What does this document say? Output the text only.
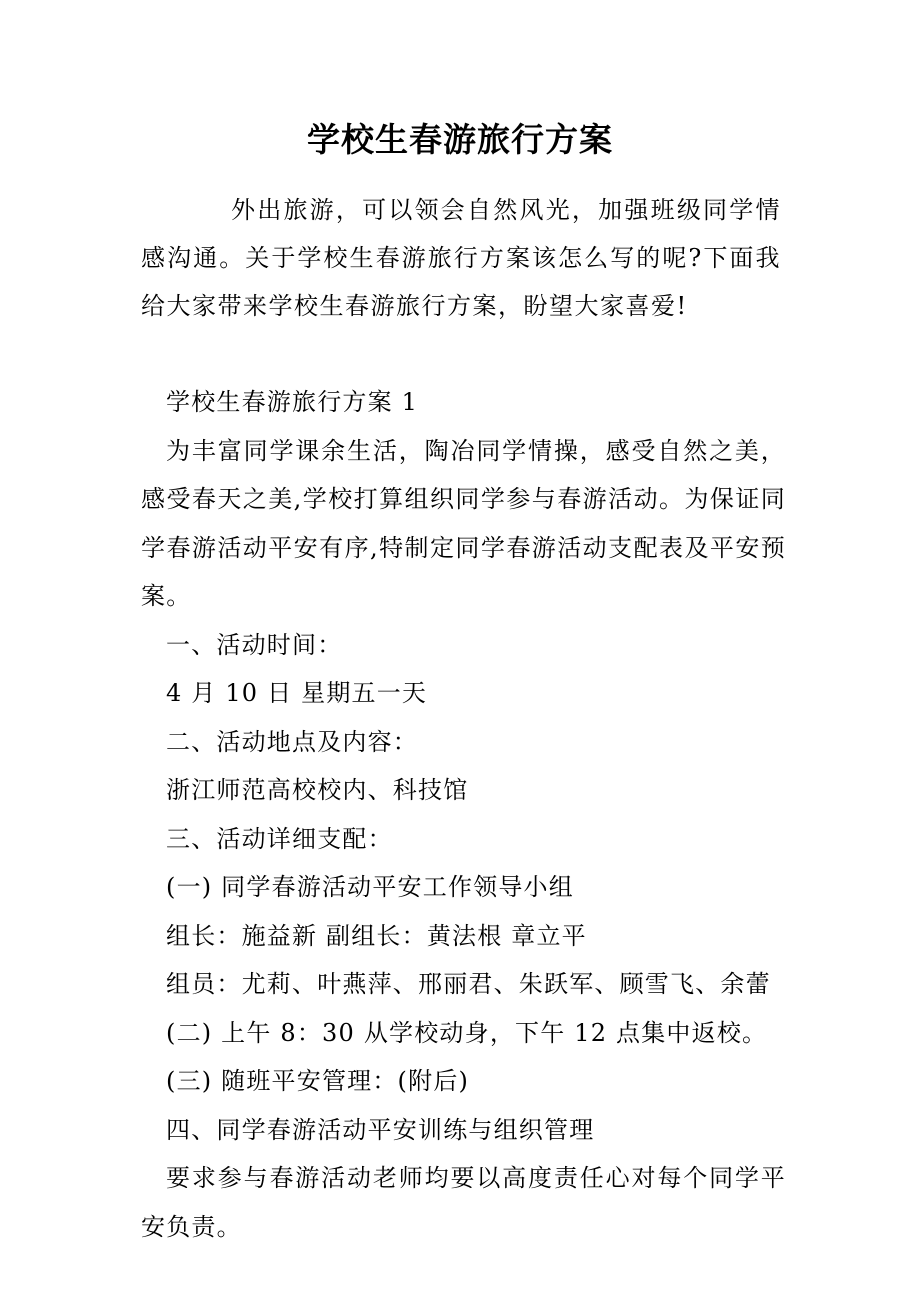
学校生春游旅行方案
外出旅游，可以领会自然风光，加强班级同学情感沟通。关于学校生春游旅行方案该怎么写的呢?下面我给大家带来学校生春游旅行方案，盼望大家喜爱!

学校生春游旅行方案 1

为丰富同学课余生活，陶冶同学情操，感受自然之美，感受春天之美,学校打算组织同学参与春游活动。为保证同学春游活动平安有序,特制定同学春游活动支配表及平安预案。

一、活动时间：

4 月 10 日 星期五一天

二、活动地点及内容：

浙江师范高校校内、科技馆

三、活动详细支配：

(一) 同学春游活动平安工作领导小组

组长：施益新 副组长：黄法根 章立平

组员：尤莉、叶燕萍、邢丽君、朱跃军、顾雪飞、余蕾

(二) 上午 8：30 从学校动身，下午 12 点集中返校。

(三) 随班平安管理：(附后)

四、同学春游活动平安训练与组织管理

要求参与春游活动老师均要以高度责任心对每个同学平安负责。
